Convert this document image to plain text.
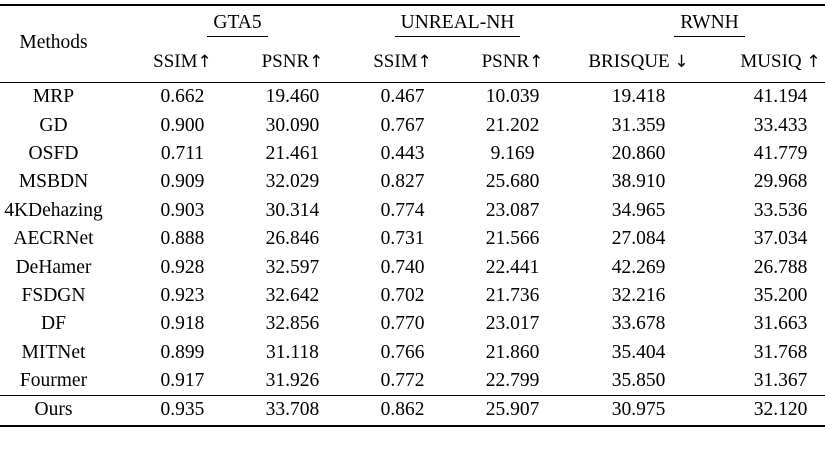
Methods	GTA5		UNREAL-NH		RWNH	
	SSIM↑	PSNR↑	SSIM↑	PSNR↑	BRISQUE ↓	MUSIQ ↑
MRP	0.662	19.460	0.467	10.039	19.418	41.194
GD	0.900	30.090	0.767	21.202	31.359	33.433
OSFD	0.711	21.461	0.443	9.169	20.860	41.779
MSBDN	0.909	32.029	0.827	25.680	38.910	29.968
4KDehazing	0.903	30.314	0.774	23.087	34.965	33.536
AECRNet	0.888	26.846	0.731	21.566	27.084	37.034
DeHamer	0.928	32.597	0.740	22.441	42.269	26.788
FSDGN	0.923	32.642	0.702	21.736	32.216	35.200
DF	0.918	32.856	0.770	23.017	33.678	31.663
MITNet	0.899	31.118	0.766	21.860	35.404	31.768
Fourmer	0.917	31.926	0.772	22.799	35.850	31.367
Ours	0.935	33.708	0.862	25.907	30.975	32.120
